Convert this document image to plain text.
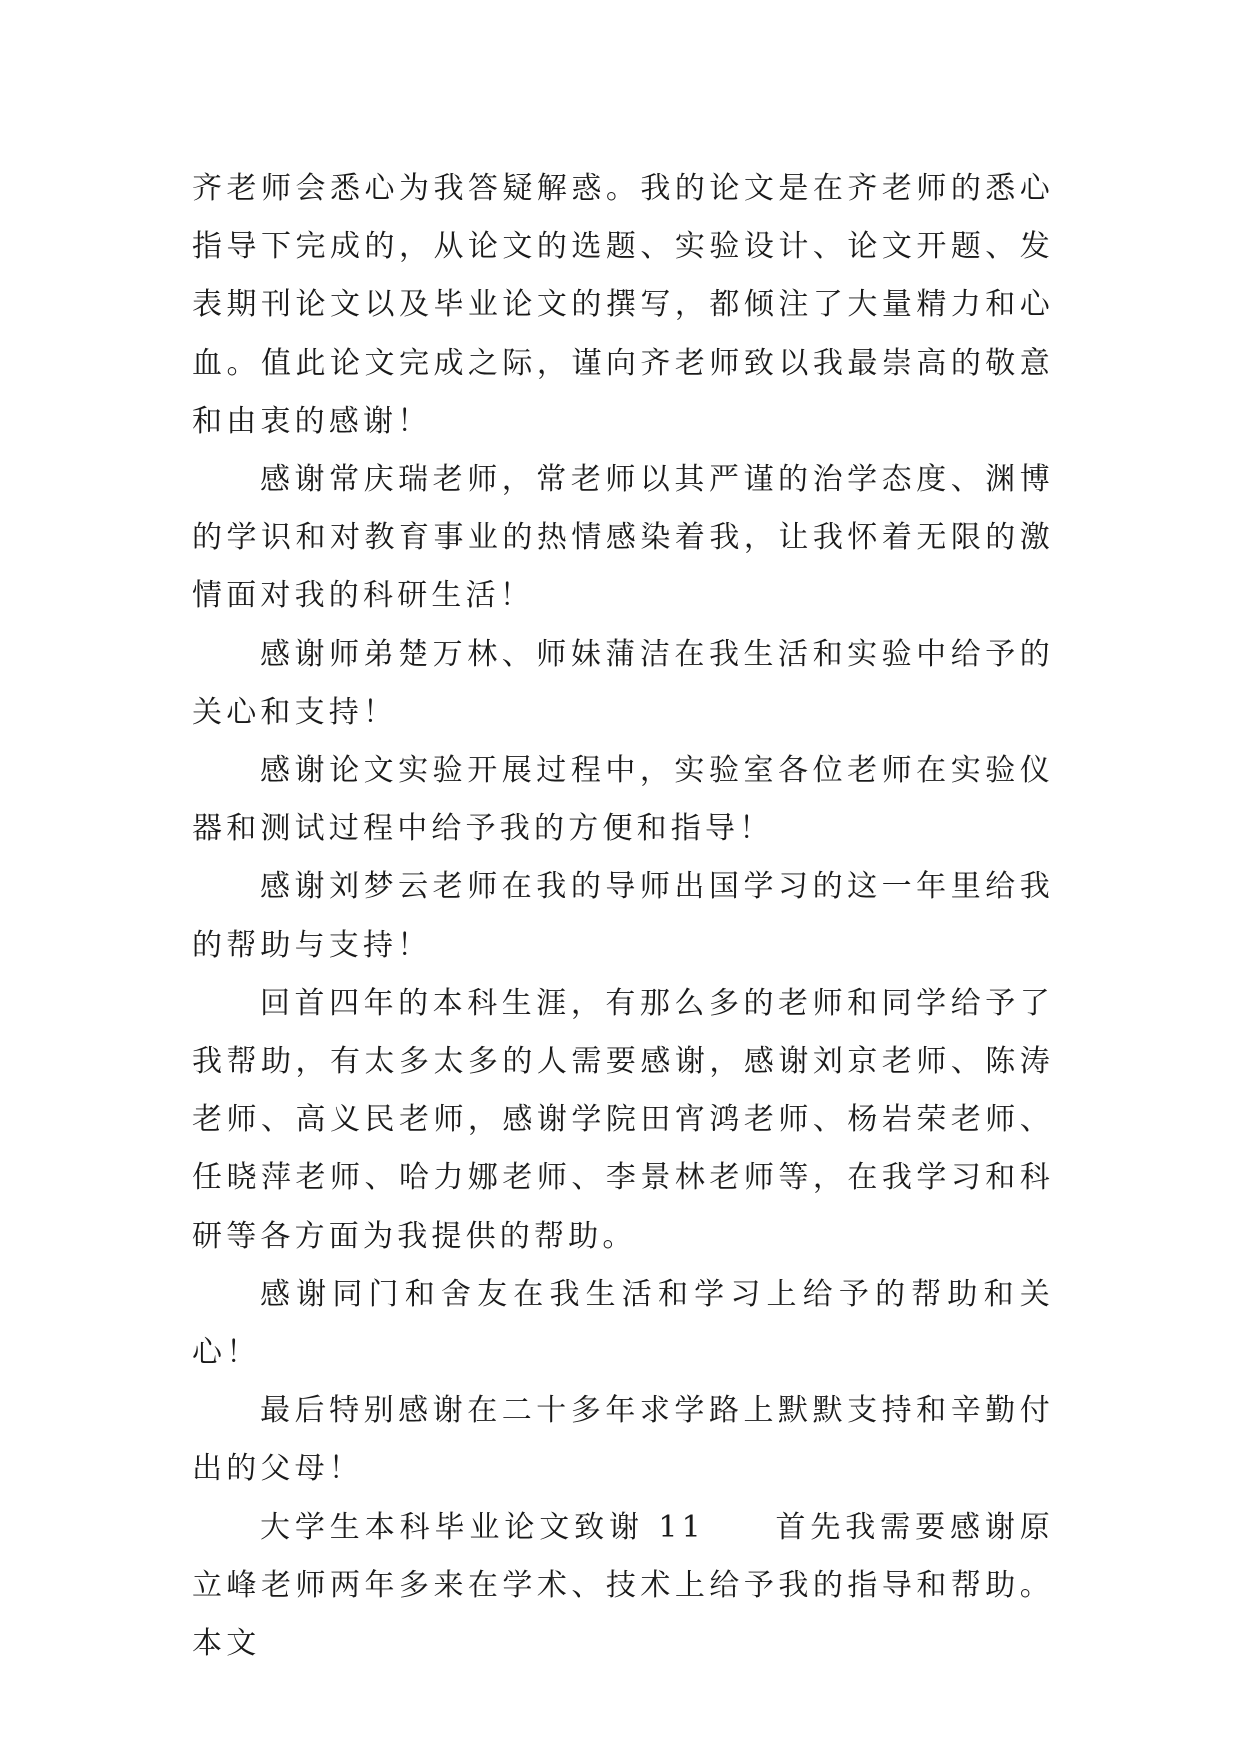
齐老师会悉心为我答疑解惑。我的论文是在齐老师的悉心指导下完成的，从论文的选题、实验设计、论文开题、发表期刊论文以及毕业论文的撰写，都倾注了大量精力和心血。值此论文完成之际，谨向齐老师致以我最崇高的敬意和由衷的感谢！

感谢常庆瑞老师，常老师以其严谨的治学态度、渊博的学识和对教育事业的热情感染着我，让我怀着无限的激情面对我的科研生活！

感谢师弟楚万林、师妹蒲洁在我生活和实验中给予的关心和支持！

感谢论文实验开展过程中，实验室各位老师在实验仪器和测试过程中给予我的方便和指导！

感谢刘梦云老师在我的导师出国学习的这一年里给我的帮助与支持！

回首四年的本科生涯，有那么多的老师和同学给予了我帮助，有太多太多的人需要感谢，感谢刘京老师、陈涛老师、高义民老师，感谢学院田宵鸿老师、杨岩荣老师、任晓萍老师、哈力娜老师、李景林老师等，在我学习和科研等各方面为我提供的帮助。

感谢同门和舍友在我生活和学习上给予的帮助和关心！

最后特别感谢在二十多年求学路上默默支持和辛勤付出的父母！

大学生本科毕业论文致谢 11　　首先我需要感谢原立峰老师两年多来在学术、技术上给予我的指导和帮助。本文
